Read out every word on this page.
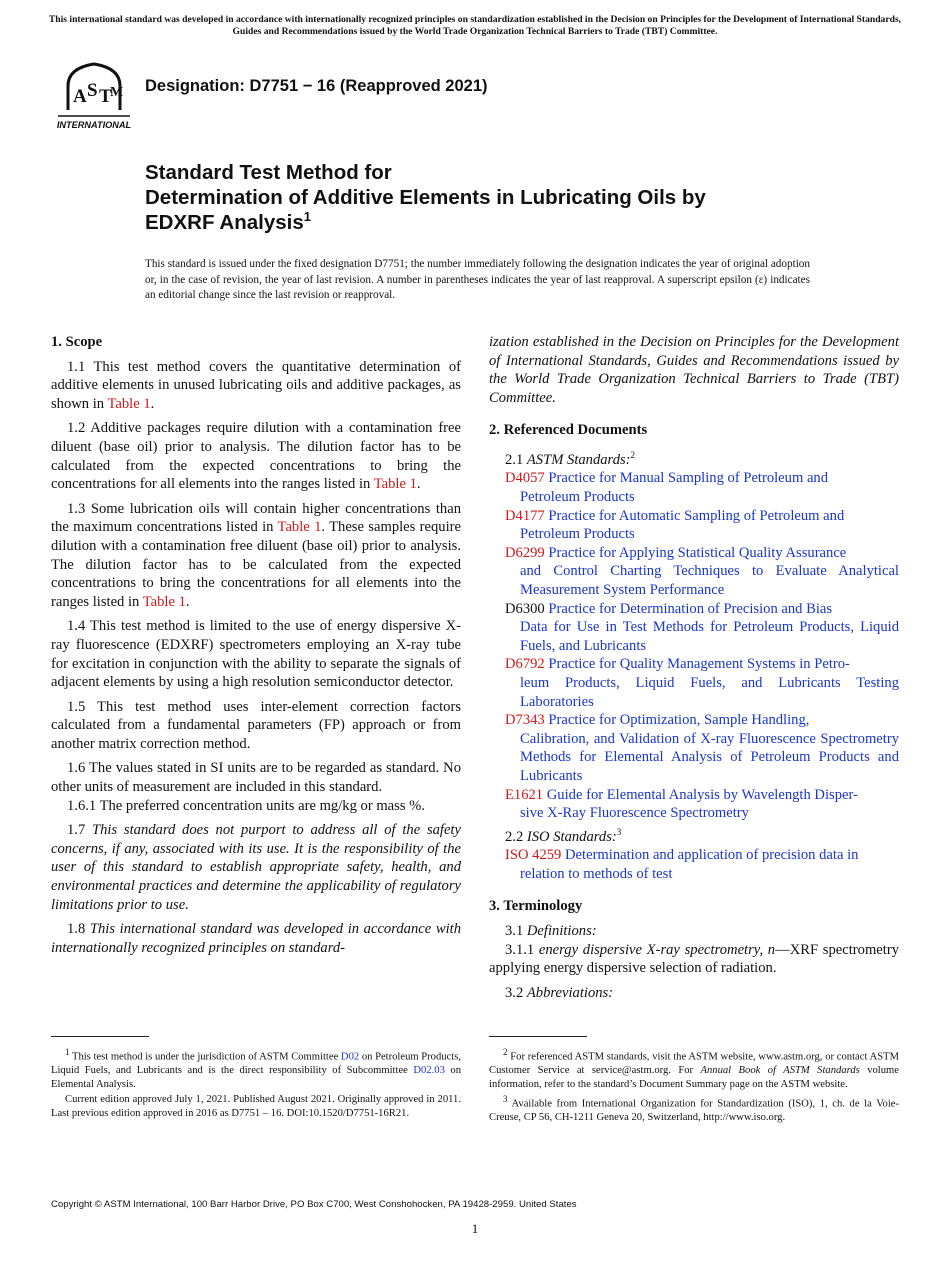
This international standard was developed in accordance with internationally recognized principles on standardization established in the Decision on Principles for the Development of International Standards, Guides and Recommendations issued by the World Trade Organization Technical Barriers to Trade (TBT) Committee.
A S T
M
INTERNATIONAL
Designation: D7751 − 16 (Reapproved 2021)
Standard Test Method for
Determination of Additive Elements in Lubricating Oils by
EDXRF Analysis$^1$
This standard is issued under the fixed designation D7751; the number immediately following the designation indicates the year of original adoption or, in the case of revision, the year of last revision. A number in parentheses indicates the year of last reapproval. A superscript epsilon (ε) indicates an editorial change since the last revision or reapproval.

1. Scope

1.1 This test method covers the quantitative determination of additive elements in unused lubricating oils and additive packages, as shown in Table 1.

1.2 Additive packages require dilution with a contamination free diluent (base oil) prior to analysis. The dilution factor has to be calculated from the expected concentrations to bring the concentrations for all elements into the ranges listed in Table 1.

1.3 Some lubrication oils will contain higher concentrations than the maximum concentrations listed in Table 1. These samples require dilution with a contamination free diluent (base oil) prior to analysis. The dilution factor has to be calculated from the expected concentrations to bring the concentrations for all elements into the ranges listed in Table 1.

1.4 This test method is limited to the use of energy dispersive X-ray fluorescence (EDXRF) spectrometers employing an X-ray tube for excitation in conjunction with the ability to separate the signals of adjacent elements by using a high resolution semiconductor detector.

1.5 This test method uses inter-element correction factors calculated from a fundamental parameters (FP) approach or from another matrix correction method.

1.6 The values stated in SI units are to be regarded as standard. No other units of measurement are included in this standard.

1.6.1 The preferred concentration units are mg/kg or mass %.

1.7 This standard does not purport to address all of the safety concerns, if any, associated with its use. It is the responsibility of the user of this standard to establish appropriate safety, health, and environmental practices and determine the applicability of regulatory limitations prior to use.

1.8 This international standard was developed in accordance with internationally recognized principles on standard-

ization established in the Decision on Principles for the Development of International Standards, Guides and Recommendations issued by the World Trade Organization Technical Barriers to Trade (TBT) Committee.

2. Referenced Documents

2.1 ASTM Standards:$^2$

D4057 Practice for Manual Sampling of Petroleum and
Petroleum Products

D4177 Practice for Automatic Sampling of Petroleum and
Petroleum Products

D6299 Practice for Applying Statistical Quality Assurance
and Control Charting Techniques to Evaluate Analytical Measurement System Performance

D6300 Practice for Determination of Precision and Bias
Data for Use in Test Methods for Petroleum Products, Liquid Fuels, and Lubricants

D6792 Practice for Quality Management Systems in Petro-
leum Products, Liquid Fuels, and Lubricants Testing Laboratories

D7343 Practice for Optimization, Sample Handling,
Calibration, and Validation of X-ray Fluorescence Spectrometry Methods for Elemental Analysis of Petroleum Products and Lubricants

E1621 Guide for Elemental Analysis by Wavelength Disper-
sive X-Ray Fluorescence Spectrometry

2.2 ISO Standards:$^3$

ISO 4259 Determination and application of precision data in
relation to methods of test

3. Terminology

3.1 Definitions:

3.1.1 energy dispersive X-ray spectrometry, n—XRF spectrometry applying energy dispersive selection of radiation.

3.2 Abbreviations:

$^1$ This test method is under the jurisdiction of ASTM Committee D02 on Petroleum Products, Liquid Fuels, and Lubricants and is the direct responsibility of Subcommittee D02.03 on Elemental Analysis.

Current edition approved July 1, 2021. Published August 2021. Originally approved in 2011. Last previous edition approved in 2016 as D7751 – 16. DOI:10.1520/D7751-16R21.

$^2$ For referenced ASTM standards, visit the ASTM website, www.astm.org, or contact ASTM Customer Service at service@astm.org. For Annual Book of ASTM Standards volume information, refer to the standard’s Document Summary page on the ASTM website.

$^3$ Available from International Organization for Standardization (ISO), 1, ch. de la Voie-Creuse, CP 56, CH-1211 Geneva 20, Switzerland, http://www.iso.org.

Copyright © ASTM International, 100 Barr Harbor Drive, PO Box C700, West Conshohocken, PA 19428-2959. United States
1
